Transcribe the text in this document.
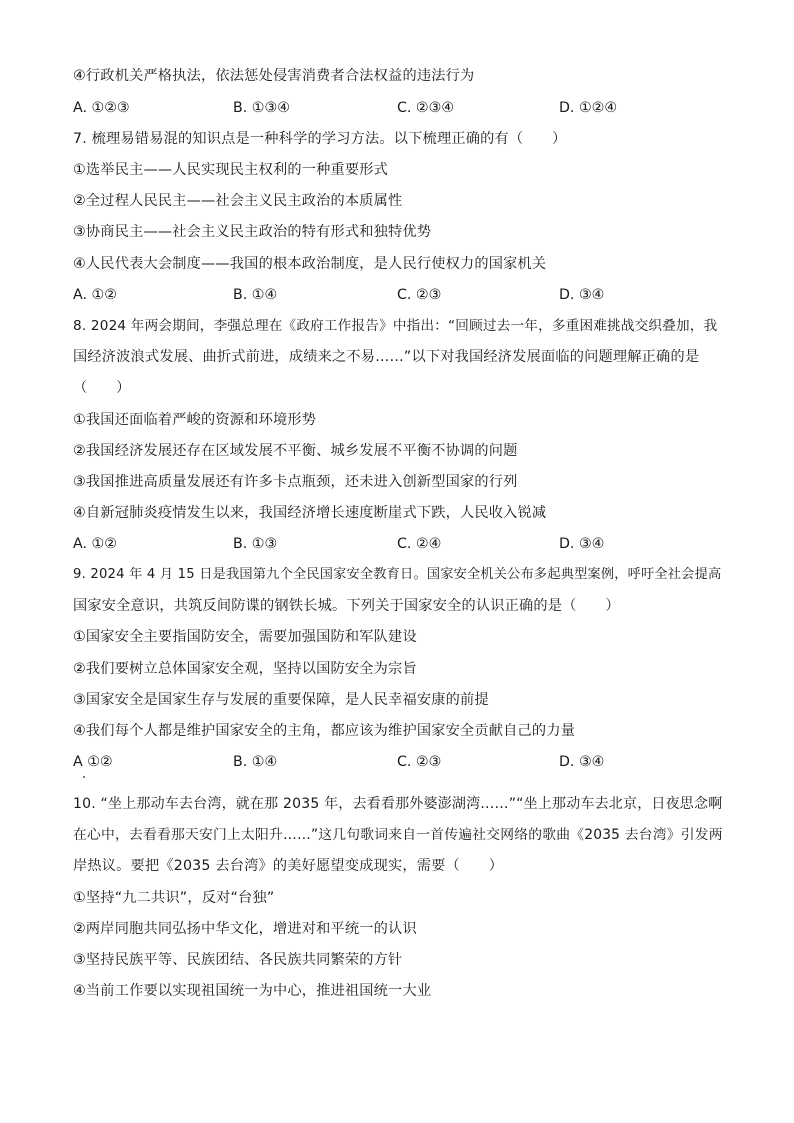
④行政机关严格执法，依法惩处侵害消费者合法权益的违法行为
A. ①②③	B. ①③④	C. ②③④	D. ①②④
7. 梳理易错易混的知识点是一种科学的学习方法。以下梳理正确的有（　　）
①选举民主——人民实现民主权利的一种重要形式
②全过程人民民主——社会主义民主政治的本质属性
③协商民主——社会主义民主政治的特有形式和独特优势
④人民代表大会制度——我国的根本政治制度，是人民行使权力的国家机关
A. ①②	B. ①④	C. ②③	D. ③④
8. 2024 年两会期间，李强总理在《政府工作报告》中指出：“回顾过去一年，多重困难挑战交织叠加，我
国经济波浪式发展、曲折式前进，成绩来之不易……”以下对我国经济发展面临的问题理解正确的是
（　　）
①我国还面临着严峻的资源和环境形势
②我国经济发展还存在区域发展不平衡、城乡发展不平衡不协调的问题
③我国推进高质量发展还有许多卡点瓶颈，还未进入创新型国家的行列
④自新冠肺炎疫情发生以来，我国经济增长速度断崖式下跌，人民收入锐减
A. ①②	B. ①③	C. ②④	D. ③④
9. 2024 年 4 月 15 日是我国第九个全民国家安全教育日。国家安全机关公布多起典型案例，呼吁全社会提高
国家安全意识，共筑反间防谍的钢铁长城。下列关于国家安全的认识正确的是（　　）
①国家安全主要指国防安全，需要加强国防和军队建设
②我们要树立总体国家安全观，坚持以国防安全为宗旨
③国家安全是国家生存与发展的重要保障，是人民幸福安康的前提
④我们每个人都是维护国家安全的主角，都应该为维护国家安全贡献自己的力量
A ①②	B. ①④	C. ②③	D. ③④
10. “坐上那动车去台湾，就在那 2035 年，去看看那外婆澎湖湾……”“坐上那动车去北京，日夜思念啊
在心中，去看看那天安门上太阳升……”这几句歌词来自一首传遍社交网络的歌曲《2035 去台湾》引发两
岸热议。要把《2035 去台湾》的美好愿望变成现实，需要（　　）
①坚持“九二共识”，反对“台独”
②两岸同胞共同弘扬中华文化，增进对和平统一的认识
③坚持民族平等、民族团结、各民族共同繁荣的方针
④当前工作要以实现祖国统一为中心，推进祖国统一大业
